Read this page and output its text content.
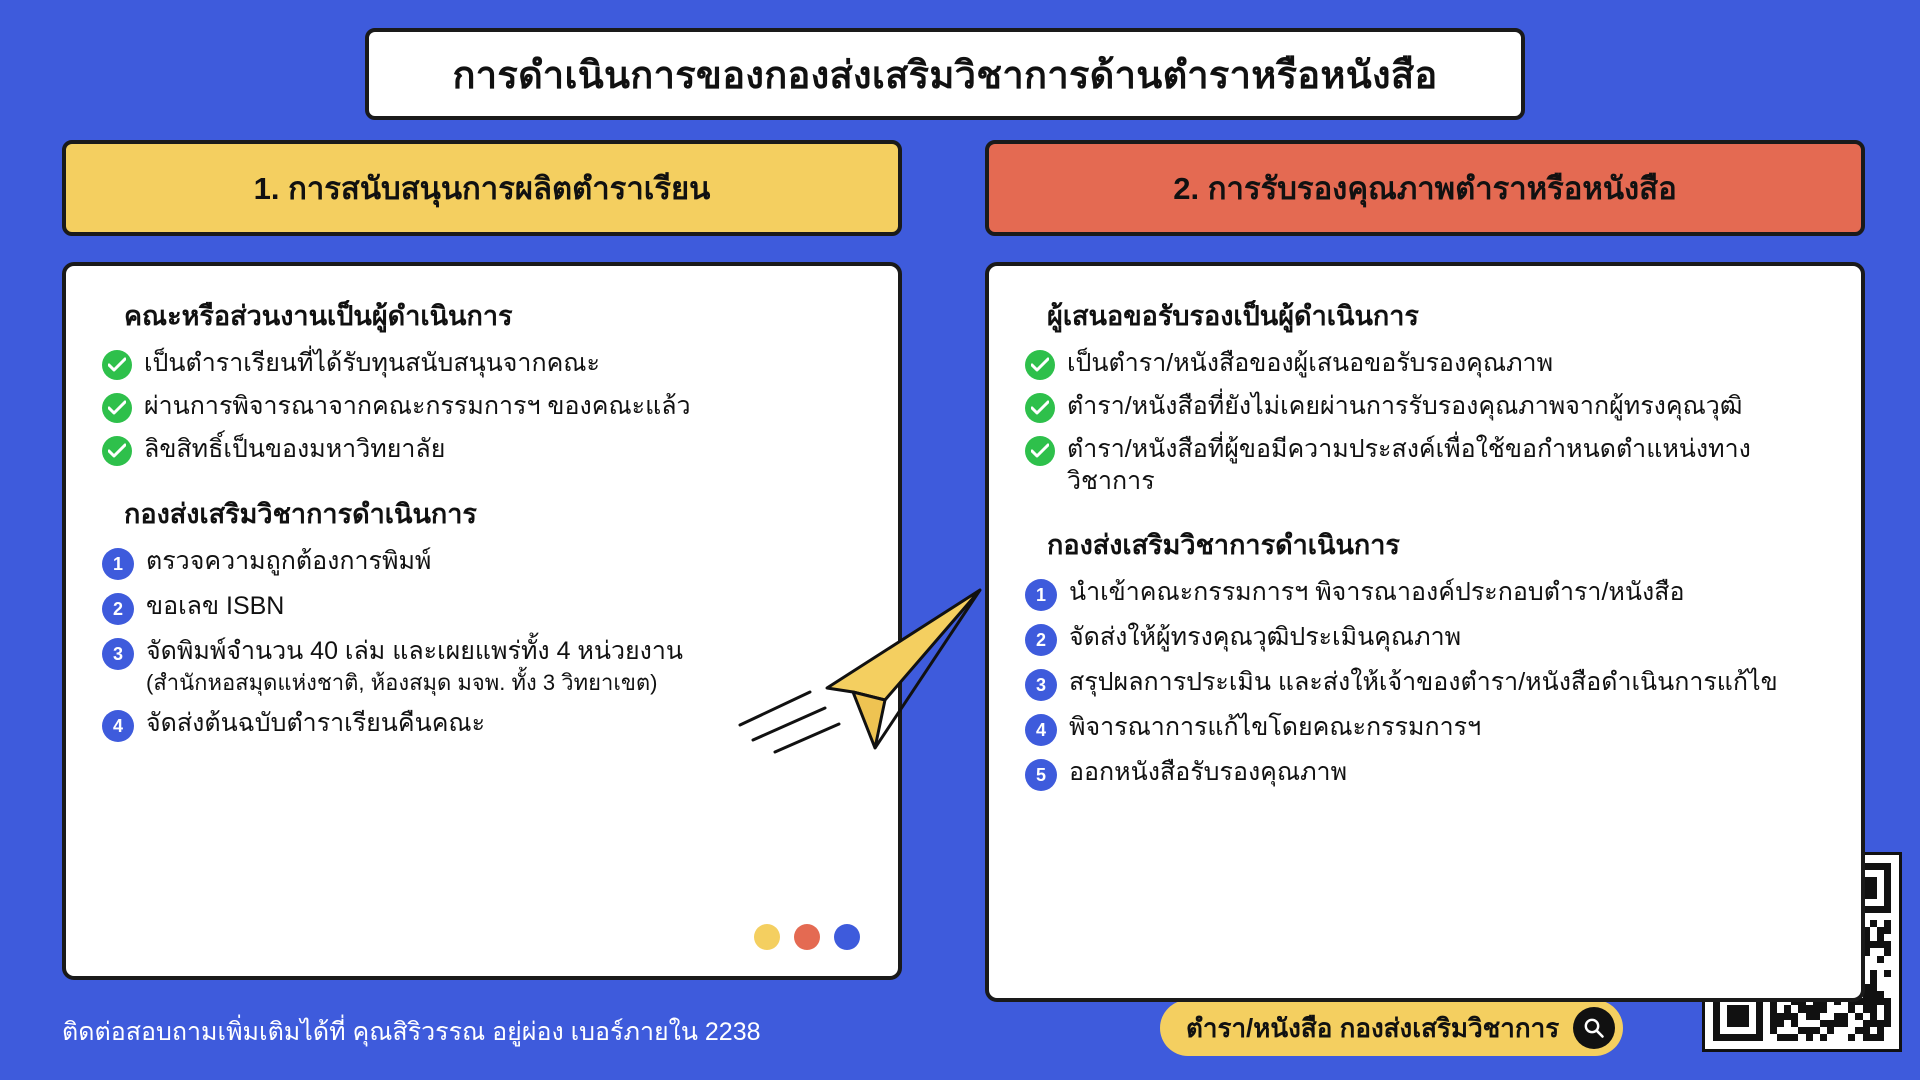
การดำเนินการของกองส่งเสริมวิชาการด้านตำราหรือหนังสือ
1. การสนับสนุนการผลิตตำราเรียน	2. การรับรองคุณภาพตำราหรือหนังสือ
คณะหรือส่วนงานเป็นผู้ดำเนินการ
เป็นตำราเรียนที่ได้รับทุนสนับสนุนจากคณะ
ผ่านการพิจารณาจากคณะกรรมการฯ ของคณะแล้ว
ลิขสิทธิ์เป็นของมหาวิทยาลัย
กองส่งเสริมวิชาการดำเนินการ
1 ตรวจความถูกต้องการพิมพ์
2 ขอเลข ISBN
3 จัดพิมพ์จำนวน 40 เล่ม และเผยแพร่ทั้ง 4 หน่วยงาน
(สำนักหอสมุดแห่งชาติ, ห้องสมุด มจพ. ทั้ง 3 วิทยาเขต)
4 จัดส่งต้นฉบับตำราเรียนคืนคณะ
ผู้เสนอขอรับรองเป็นผู้ดำเนินการ
เป็นตำรา/หนังสือของผู้เสนอขอรับรองคุณภาพ
ตำรา/หนังสือที่ยังไม่เคยผ่านการรับรองคุณภาพจากผู้ทรงคุณวุฒิ
ตำรา/หนังสือที่ผู้ขอมีความประสงค์เพื่อใช้ขอกำหนดตำแหน่งทางวิชาการ
กองส่งเสริมวิชาการดำเนินการ
1 นำเข้าคณะกรรมการฯ พิจารณาองค์ประกอบตำรา/หนังสือ
2 จัดส่งให้ผู้ทรงคุณวุฒิประเมินคุณภาพ
3 สรุปผลการประเมิน และส่งให้เจ้าของตำรา/หนังสือดำเนินการแก้ไข
4 พิจารณาการแก้ไขโดยคณะกรรมการฯ
5 ออกหนังสือรับรองคุณภาพ
ติดต่อสอบถามเพิ่มเติมได้ที่ คุณสิริวรรณ อยู่ผ่อง เบอร์ภายใน 2238	ตำรา/หนังสือ กองส่งเสริมวิชาการ
